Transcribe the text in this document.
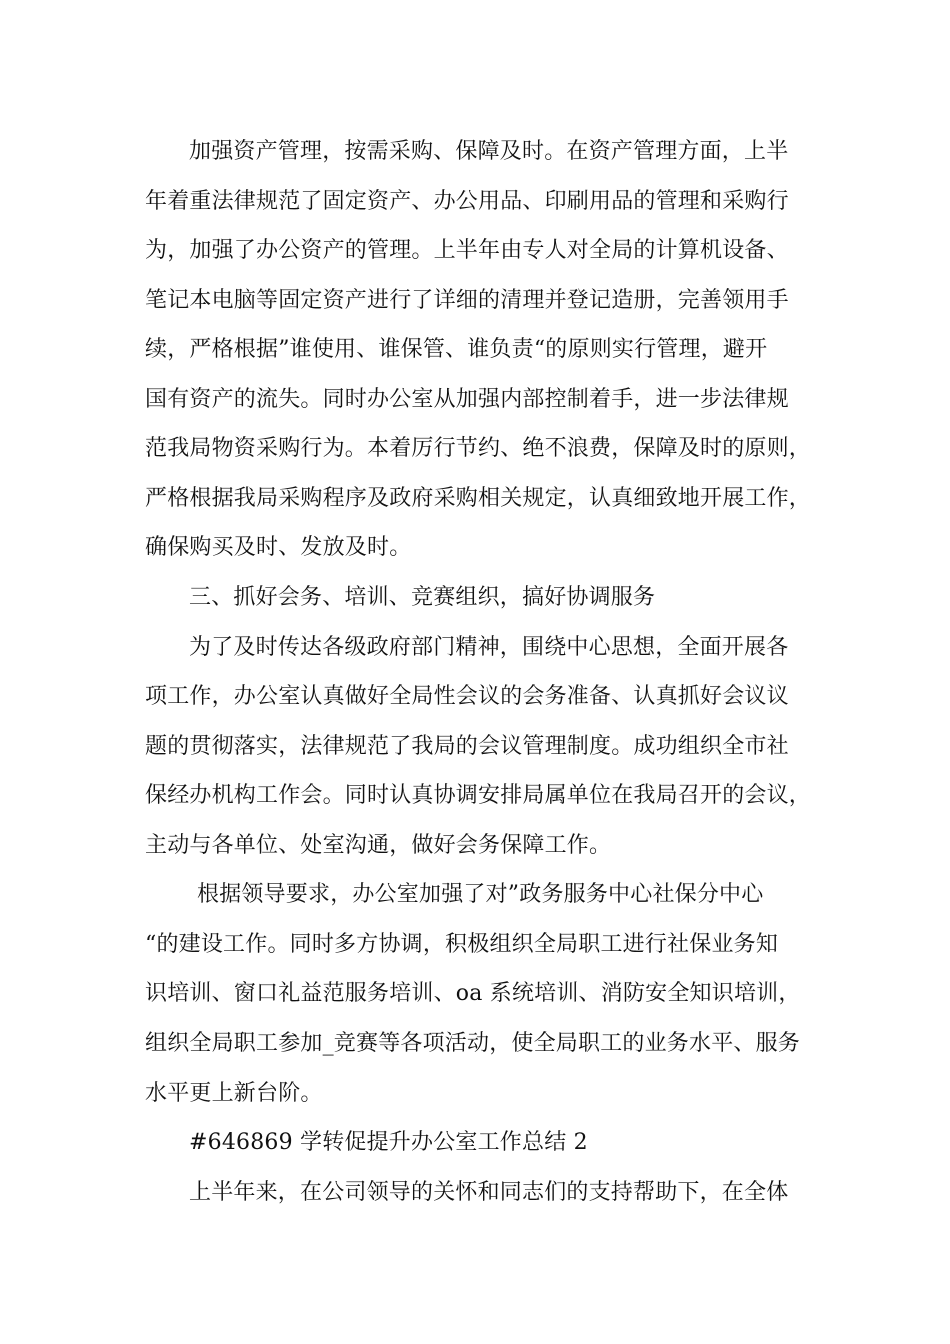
加强资产管理，按需采购、保障及时。在资产管理方面，上半
年着重法律规范了固定资产、办公用品、印刷用品的管理和采购行
为，加强了办公资产的管理。上半年由专人对全局的计算机设备、
笔记本电脑等固定资产进行了详细的清理并登记造册，完善领用手
续，严格根据”谁使用、谁保管、谁负责“的原则实行管理，避开
国有资产的流失。同时办公室从加强内部控制着手，进一步法律规
范我局物资采购行为。本着厉行节约、绝不浪费，保障及时的原则，
严格根据我局采购程序及政府采购相关规定，认真细致地开展工作，
确保购买及时、发放及时。
三、抓好会务、培训、竞赛组织，搞好协调服务
为了及时传达各级政府部门精神，围绕中心思想，全面开展各
项工作，办公室认真做好全局性会议的会务准备、认真抓好会议议
题的贯彻落实，法律规范了我局的会议管理制度。成功组织全市社
保经办机构工作会。同时认真协调安排局属单位在我局召开的会议，
主动与各单位、处室沟通，做好会务保障工作。
根据领导要求，办公室加强了对”政务服务中心社保分中心
“的建设工作。同时多方协调，积极组织全局职工进行社保业务知
识培训、窗口礼益范服务培训、oa 系统培训、消防安全知识培训，
组织全局职工参加_竞赛等各项活动，使全局职工的业务水平、服务
水平更上新台阶。
#646869 学转促提升办公室工作总结 2
上半年来，在公司领导的关怀和同志们的支持帮助下，在全体
